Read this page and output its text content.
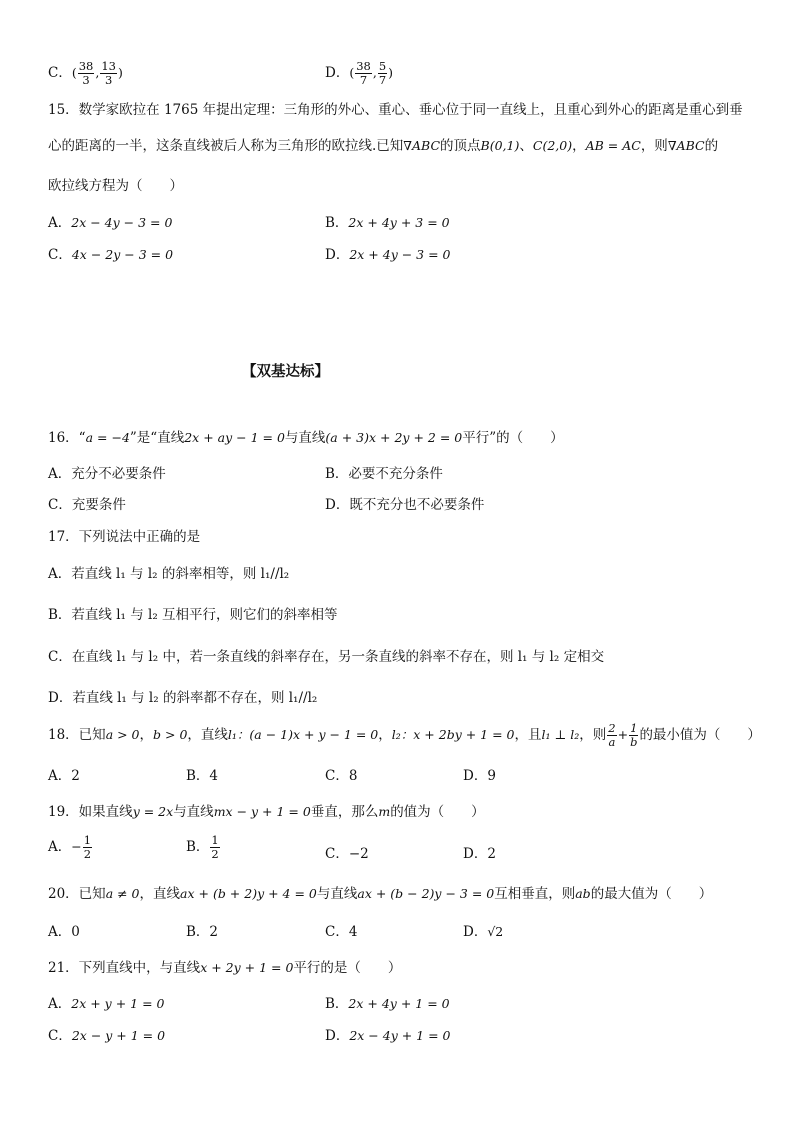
C．( $\frac{38}{3}$ , $\frac{13}{3}$ )	D．( $\frac{38}{7}$ , $\frac{5}{7}$ )
15．数学家欧拉在 1765 年提出定理：三角形的外心、重心、垂心位于同一直线上，且重心到外心的距离是重心到垂
心的距离的一半，这条直线被后人称为三角形的欧拉线.已知∇ABC的顶点B(0,1)、C(2,0)，AB = AC，则∇ABC的
欧拉线方程为（　　）
A．2x − 4y − 3 = 0	B．2x + 4y + 3 = 0
C．4x − 2y − 3 = 0	D．2x + 4y − 3 = 0
【双基达标】
16．“a = −4”是“直线2x + ay − 1 = 0与直线(a + 3)x + 2y + 2 = 0平行”的（　　）
A．充分不必要条件	B．必要不充分条件
C．充要条件	D．既不充分也不必要条件
17．下列说法中正确的是
A．若直线 l₁ 与 l₂ 的斜率相等，则 l₁//l₂
B．若直线 l₁ 与 l₂ 互相平行，则它们的斜率相等
C．在直线 l₁ 与 l₂ 中，若一条直线的斜率存在，另一条直线的斜率不存在，则 l₁ 与 l₂ 定相交
D．若直线 l₁ 与 l₂ 的斜率都不存在，则 l₁//l₂
18．已知a > 0，b > 0，直线l₁：(a − 1)x + y − 1 = 0，l₂：x + 2by + 1 = 0，且l₁ ⊥ l₂，则 $\frac{2}{a} + \frac{1}{b}$ 的最小值为（　　）
A．2	B．4	C．8	D．9
19．如果直线y = 2x与直线mx − y + 1 = 0垂直，那么m的值为（　　）
A．− $\frac{1}{2}$	B． $\frac{1}{2}$	C．−2	D．2
20．已知a ≠ 0，直线ax + (b + 2)y + 4 = 0与直线ax + (b − 2)y − 3 = 0互相垂直，则ab的最大值为（　　）
A．0	B．2	C．4	D．√2
21．下列直线中，与直线x + 2y + 1 = 0平行的是（　　）
A．2x + y + 1 = 0	B．2x + 4y + 1 = 0
C．2x − y + 1 = 0	D．2x − 4y + 1 = 0
